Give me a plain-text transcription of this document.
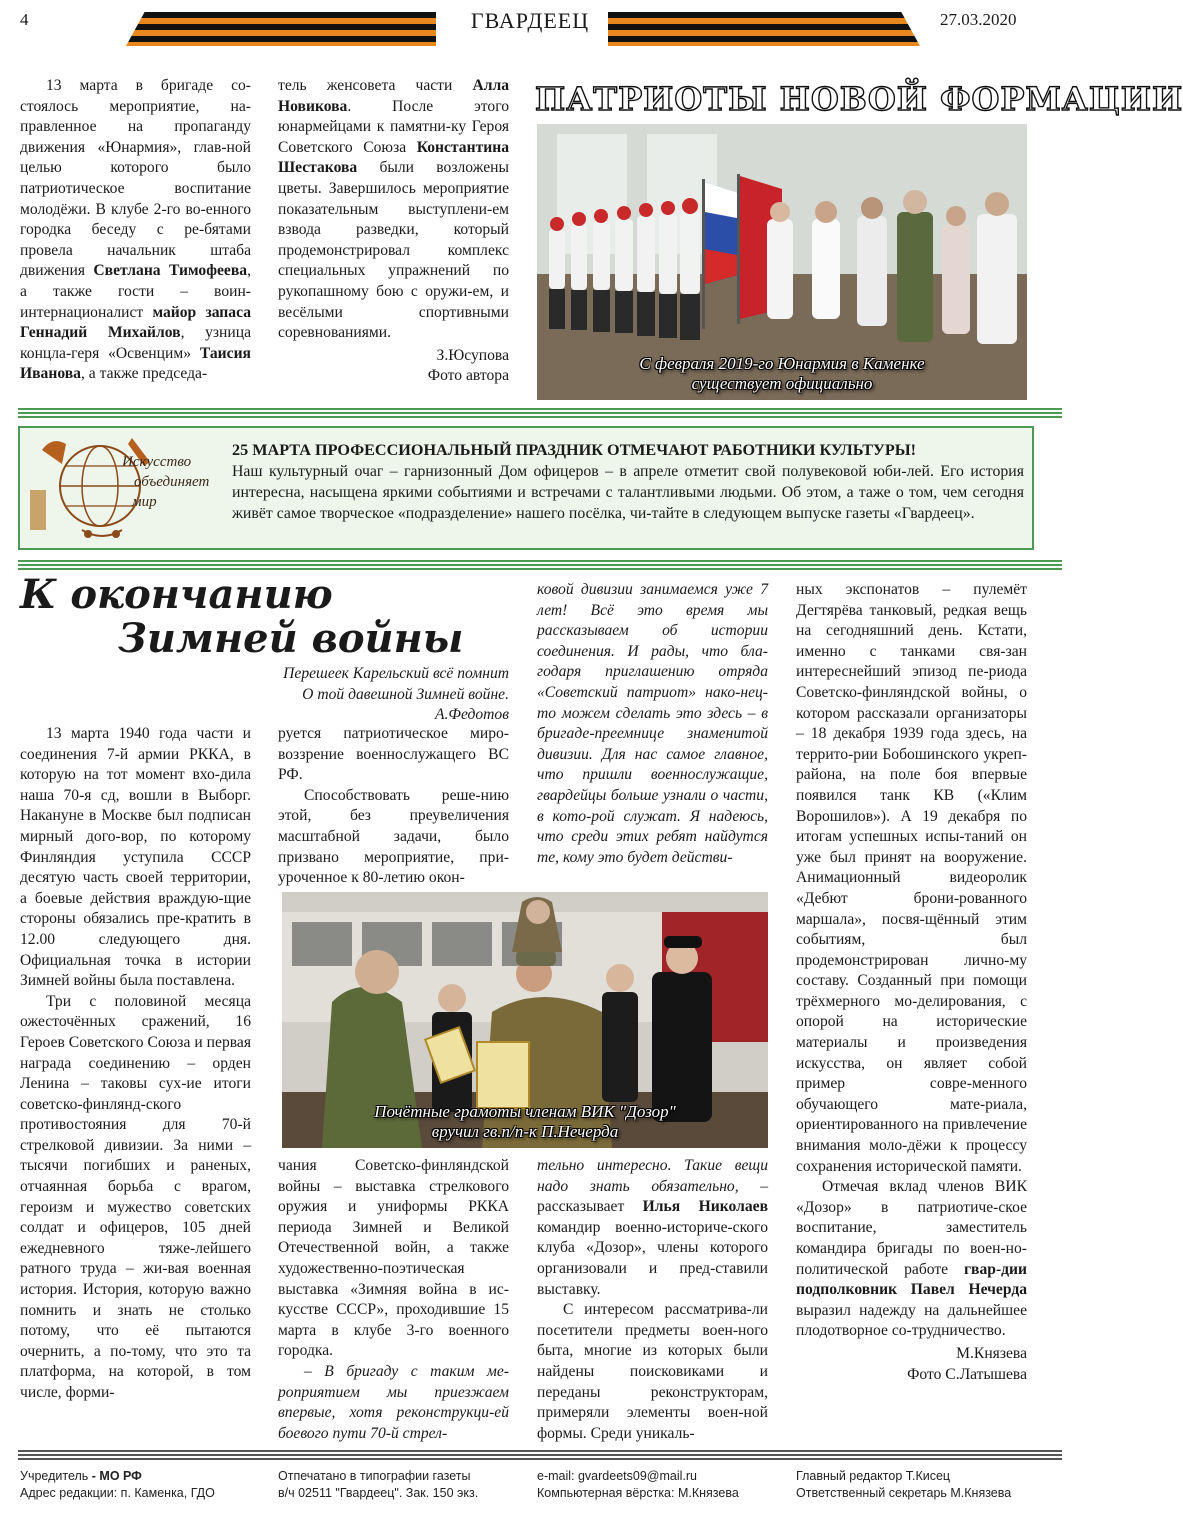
4	ГВАРДЕЕЦ	27.03.2020

13 марта в бригаде со-стоялось мероприятие, на-правленное на пропаганду движения «Юнармия», глав-ной целью которого было патриотическое воспитание молодёжи. В клубе 2-го во-енного городка беседу с ре-бятами провела начальник штаба движения Светлана Тимофеева, а также гости – воин-интернационалист майор запаса Геннадий Михайлов, узница концла-геря «Освенцим» Таисия Иванова, а также председа-

тель женсовета части Алла Новикова. После этого юнармейцами к памятни-ку Героя Советского Союза Константина Шестакова были возложены цветы. Завершилось мероприятие показательным выступлени-ем взвода разведки, который продемонстрировал комплекс специальных упражнений по рукопашному бою с оружи-ем, и весёлыми спортивными соревнованиями.

З.Юсупова

Фото автора

ПАТРИОТЫ НОВОЙ ФОРМАЦИИ
С февраля 2019-го Юнармия в Каменке
существует официально
Искусство
объединяет
мир
25 МАРТА ПРОФЕССИОНАЛЬНЫЙ ПРАЗДНИК ОТМЕЧАЮТ РАБОТНИКИ КУЛЬТУРЫ!
Наш культурный очаг – гарнизонный Дом офицеров – в апреле отметит свой полувековой юби-лей. Его история интересна, насыщена яркими событиями и встречами с талантливыми людьми. Об этом, а таже о том, чем сегодня живёт самое творческое «подразделение» нашего посёлка, чи-тайте в следующем выпуске газеты «Гвардеец».
К окончанию
Зимней войны
Перешеек Карельский всё помнит
О той давешной Зимней войне.
А.Федотов

13 марта 1940 года части и соединения 7-й армии РККА, в которую на тот момент вхо-дила наша 70-я сд, вошли в Выборг. Накануне в Москве был подписан мирный дого-вор, по которому Финляндия уступила СССР десятую часть своей территории, а боевые действия враждую-щие стороны обязались пре-кратить в 12.00 следующего дня. Официальная точка в истории Зимней войны была поставлена.

Три с половиной месяца ожесточённых сражений, 16 Героев Советского Союза и первая награда соединению – орден Ленина – таковы сух-ие итоги советско-финлянд-ского противостояния для 70-й стрелковой дивизии. За ними – тысячи погибших и раненых, отчаянная борьба с врагом, героизм и мужество советских солдат и офицеров, 105 дней ежедневного тяже-лейшего ратного труда – жи-вая военная история. История, которую важно помнить и знать не столько потому, что её пытаются очернить, а по-тому, что это та платформа, на которой, в том числе, форми-

руется патриотическое миро-воззрение военнослужащего ВС РФ.

Способствовать реше-нию этой, без преувеличения масштабной задачи, было призвано мероприятие, при-уроченное к 80-летию окон-

ковой дивизии занимаемся уже 7 лет! Всё это время мы рассказываем об истории соединения. И рады, что бла-годаря приглашению отряда «Советский патриот» нако-нец-то можем сделать это здесь – в бригаде-преемнице знаменитой дивизии. Для нас самое главное, что пришли военнослужащие, гвардейцы больше узнали о части, в кото-рой служат. Я надеюсь, что среди этих ребят найдутся те, кому это будет действи-

Почётные грамоты членам ВИК "Дозор"
вручил гв.п/п-к П.Нечерда

чания Советско-финляндской войны – выставка стрелкового оружия и униформы РККА периода Зимней и Великой Отечественной войн, а также художественно-поэтическая выставка «Зимняя война в ис-кусстве СССР», проходившие 15 марта в клубе 3-го военного городка.

– В бригаду с таким ме-роприятием мы приезжаем впервые, хотя реконструкци-ей боевого пути 70-й стрел-

тельно интересно. Такие вещи надо знать обязательно, – рассказывает Илья Николаев командир военно-историче-ского клуба «Дозор», члены которого организовали и пред-ставили выставку.

С интересом рассматрива-ли посетители предметы воен-ного быта, многие из которых были найдены поисковиками и переданы реконструкторам, примеряли элементы воен-ной формы. Среди уникаль-

ных экспонатов – пулемёт Дегтярёва танковый, редкая вещь на сегодняшний день. Кстати, именно с танками свя-зан интереснейший эпизод пе-риода Советско-финляндской войны, о котором рассказали организаторы – 18 декабря 1939 года здесь, на террито-рии Бобошинского укреп-района, на поле боя впервые появился танк КВ («Клим Ворошилов»). А 19 декабря по итогам успешных испы-таний он уже был принят на вооружение. Анимационный видеоролик «Дебют брони-рованного маршала», посвя-щённый этим событиям, был продемонстрирован лично-му составу. Созданный при помощи трёхмерного мо-делирования, с опорой на исторические материалы и произведения искусства, он являет собой пример совре-менного обучающего мате-риала, ориентированного на привлечение внимания моло-дёжи к процессу сохранения исторической памяти.

Отмечая вклад членов ВИК «Дозор» в патриотиче-ское воспитание, заместитель командира бригады по воен-но-политической работе гвар-дии подполковник Павел Нечерда выразил надежду на дальнейшее плодотворное со-трудничество.

М.Князева

Фото С.Латышева

Учредитель - МО РФ
Адрес редакции: п. Каменка, ГДО
Отпечатано в типографии газеты
в/ч 02511 "Гвардеец". Зак. 150 экз.
e-mail: gvardeets09@mail.ru
Компьютерная вёрстка: М.Князева
Главный редактор Т.Кисец
Ответственный секретарь М.Князева
